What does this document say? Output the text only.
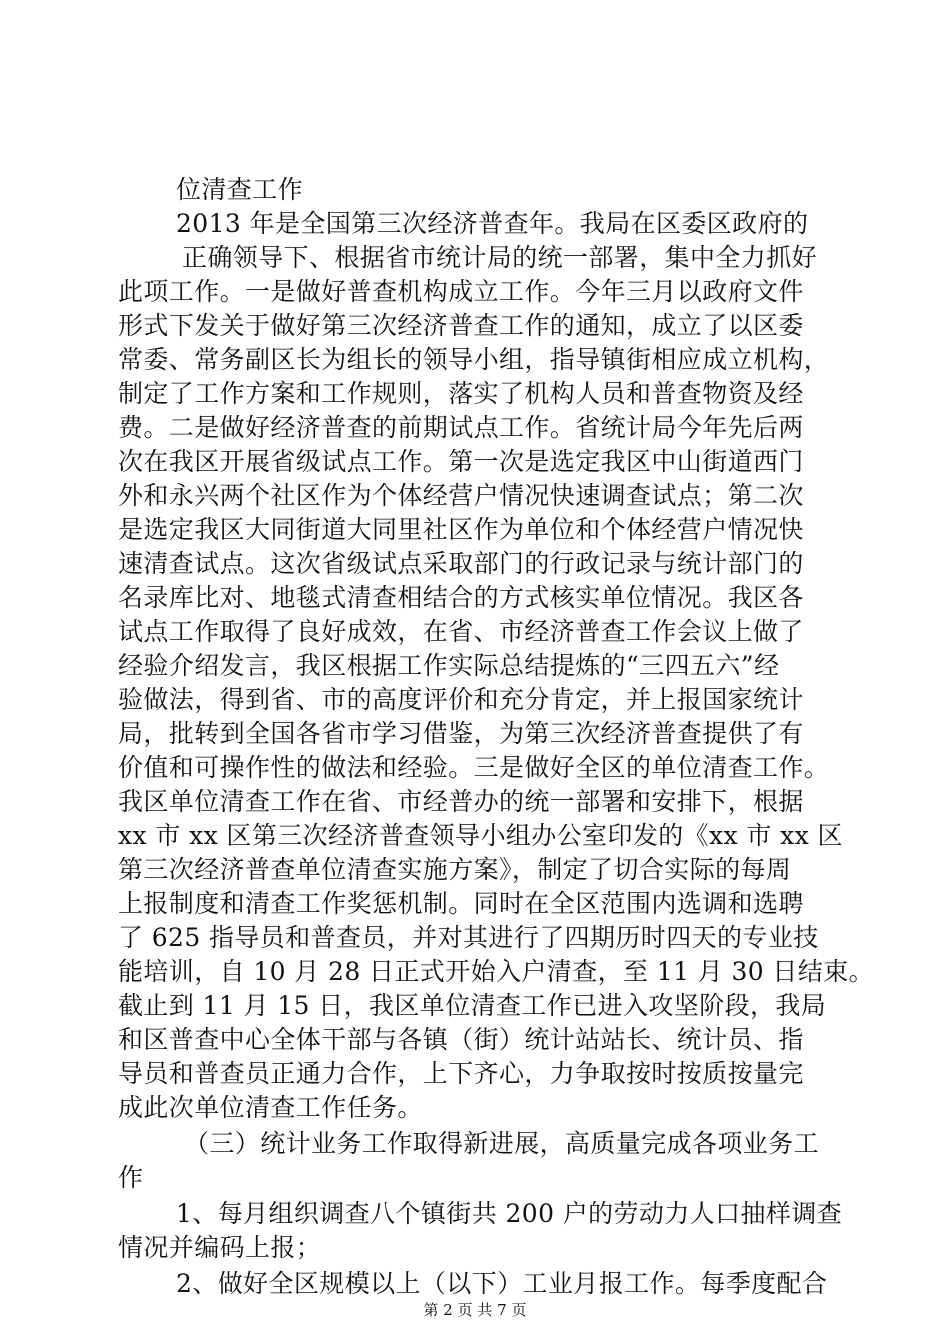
位清查工作
2013 年是全国第三次经济普查年。我局在区委区政府的
正确领导下、根据省市统计局的统一部署，集中全力抓好
此项工作。一是做好普查机构成立工作。今年三月以政府文件
形式下发关于做好第三次经济普查工作的通知，成立了以区委
常委、常务副区长为组长的领导小组，指导镇街相应成立机构，
制定了工作方案和工作规则，落实了机构人员和普查物资及经
费。二是做好经济普查的前期试点工作。省统计局今年先后两
次在我区开展省级试点工作。第一次是选定我区中山街道西门
外和永兴两个社区作为个体经营户情况快速调查试点；第二次
是选定我区大同街道大同里社区作为单位和个体经营户情况快
速清查试点。这次省级试点采取部门的行政记录与统计部门的
名录库比对、地毯式清查相结合的方式核实单位情况。我区各
试点工作取得了良好成效，在省、市经济普查工作会议上做了
经验介绍发言，我区根据工作实际总结提炼的“三四五六”经
验做法，得到省、市的高度评价和充分肯定，并上报国家统计
局，批转到全国各省市学习借鉴，为第三次经济普查提供了有
价值和可操作性的做法和经验。三是做好全区的单位清查工作。
我区单位清查工作在省、市经普办的统一部署和安排下，根据
xx 市 xx 区第三次经济普查领导小组办公室印发的《xx 市 xx 区
第三次经济普查单位清查实施方案》，制定了切合实际的每周
上报制度和清查工作奖惩机制。同时在全区范围内选调和选聘
了 625 指导员和普查员，并对其进行了四期历时四天的专业技
能培训，自 10 月 28 日正式开始入户清查，至 11 月 30 日结束。
截止到 11 月 15 日，我区单位清查工作已进入攻坚阶段，我局
和区普查中心全体干部与各镇（街）统计站站长、统计员、指
导员和普查员正通力合作，上下齐心，力争取按时按质按量完
成此次单位清查工作任务。
（三）统计业务工作取得新进展，高质量完成各项业务工
作
1、每月组织调查八个镇街共 200 户的劳动力人口抽样调查
情况并编码上报；
2、做好全区规模以上（以下）工业月报工作。每季度配合
第 2 页 共 7 页
